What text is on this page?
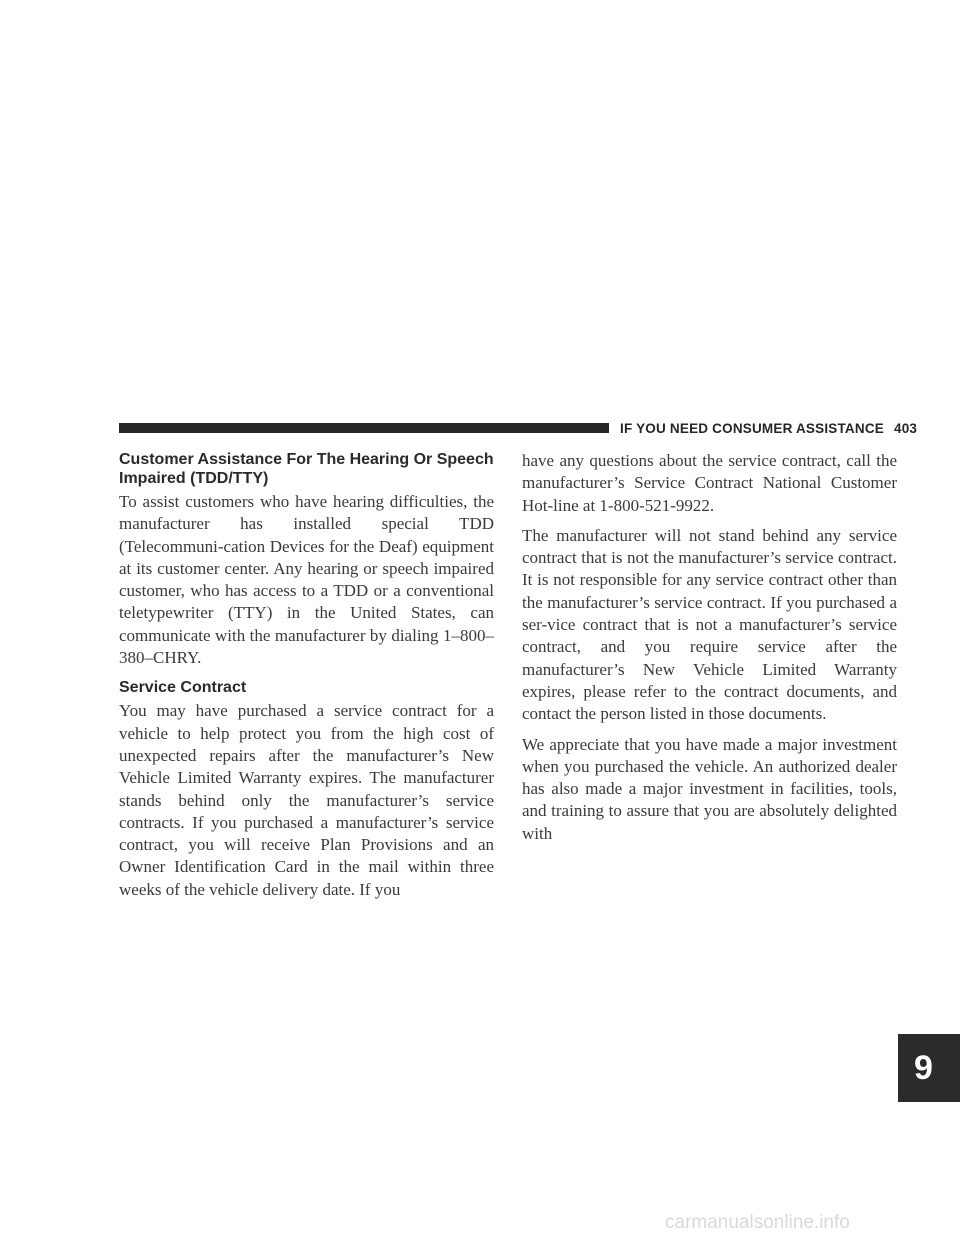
IF YOU NEED CONSUMER ASSISTANCE 403
Customer Assistance For The Hearing Or Speech Impaired (TDD/TTY)

To assist customers who have hearing difficulties, the manufacturer has installed special TDD (Telecommuni-cation Devices for the Deaf) equipment at its customer center. Any hearing or speech impaired customer, who has access to a TDD or a conventional teletypewriter (TTY) in the United States, can communicate with the manufacturer by dialing 1–800–380–CHRY.

Service Contract

You may have purchased a service contract for a vehicle to help protect you from the high cost of unexpected repairs after the manufacturer’s New Vehicle Limited Warranty expires. The manufacturer stands behind only the manufacturer’s service contracts. If you purchased a manufacturer’s service contract, you will receive Plan Provisions and an Owner Identification Card in the mail within three weeks of the vehicle delivery date. If you

have any questions about the service contract, call the manufacturer’s Service Contract National Customer Hot-line at 1-800-521-9922.

The manufacturer will not stand behind any service contract that is not the manufacturer’s service contract. It is not responsible for any service contract other than the manufacturer’s service contract. If you purchased a ser-vice contract that is not a manufacturer’s service contract, and you require service after the manufacturer’s New Vehicle Limited Warranty expires, please refer to the contract documents, and contact the person listed in those documents.

We appreciate that you have made a major investment when you purchased the vehicle. An authorized dealer has also made a major investment in facilities, tools, and training to assure that you are absolutely delighted with

9
carmanualsonline.info
